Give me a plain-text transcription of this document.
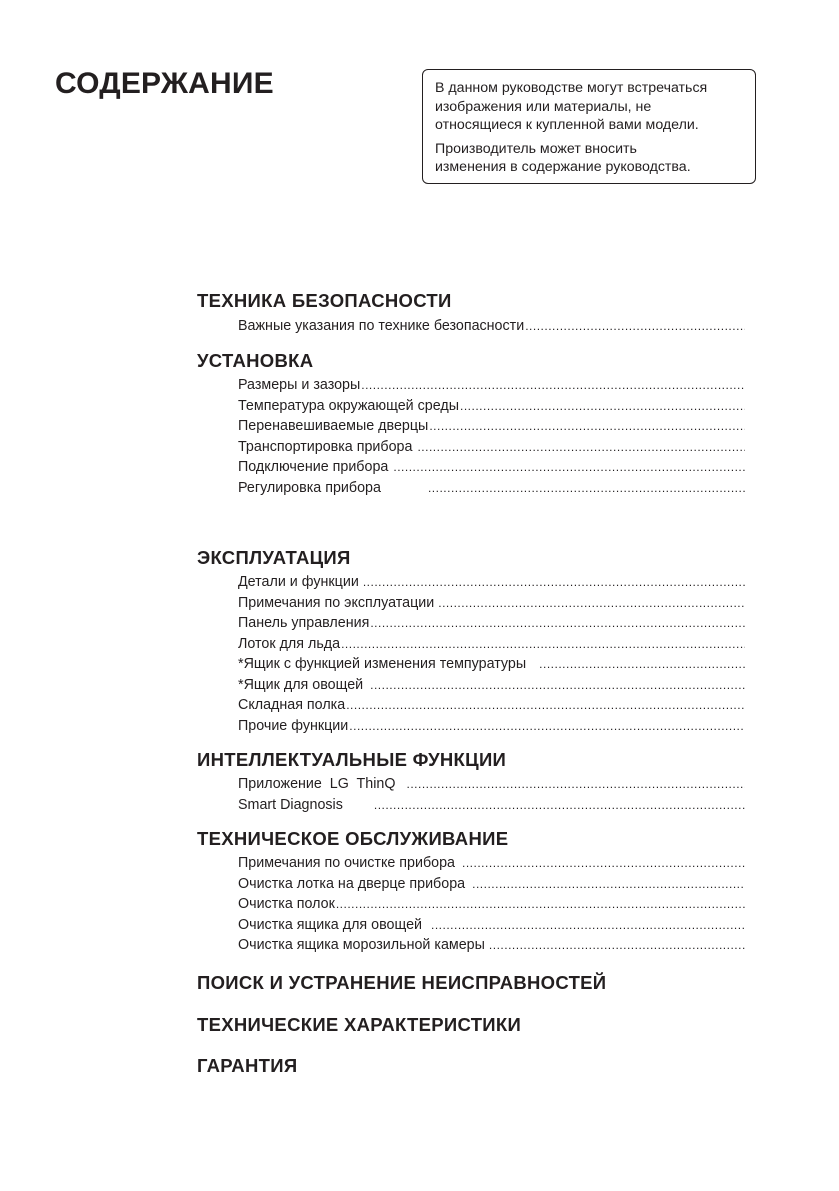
СОДЕРЖАНИЕ	В данном руководстве могут встречаться
изображения или материалы, не
относящиеся к купленной вами модели.

Производитель может вносить
изменения в содержание руководства.

ТЕХНИКА БЕЗОПАСНОСТИ
Важные указания по технике безопасности
.....
УСТАНОВКА
Размеры и зазоры
.....
Температура окружающей среды
.....
Перенавешиваемые дверцы
.....
Транспортировка прибора
.....
Подключение прибора
.....
Регулировка прибора
.....
ЭКСПЛУАТАЦИЯ
Детали и функции
.....
Примечания по эксплуатации
.....
Панель управления
.....
Лоток для льда
.....
*Ящик с функцией изменения темпуратуры
.....
*Ящик для овощей
.....
Складная полка
.....
Прочие функции
.....
ИНТЕЛЛЕКТУАЛЬНЫЕ ФУНКЦИИ
Приложение  LG  ThinQ
.....
Smart Diagnosis
.....
ТЕХНИЧЕСКОЕ ОБСЛУЖИВАНИЕ
Примечания по очистке прибора
.....
Очистка лотка на дверце прибора
.....
Очистка полок
.....
Очистка ящика для овощей
.....
Очистка ящика морозильной камеры
.....
ПОИСК И УСТРАНЕНИЕ НЕИСПРАВНОСТЕЙ
ТЕХНИЧЕСКИЕ ХАРАКТЕРИСТИКИ
ГАРАНТИЯ
